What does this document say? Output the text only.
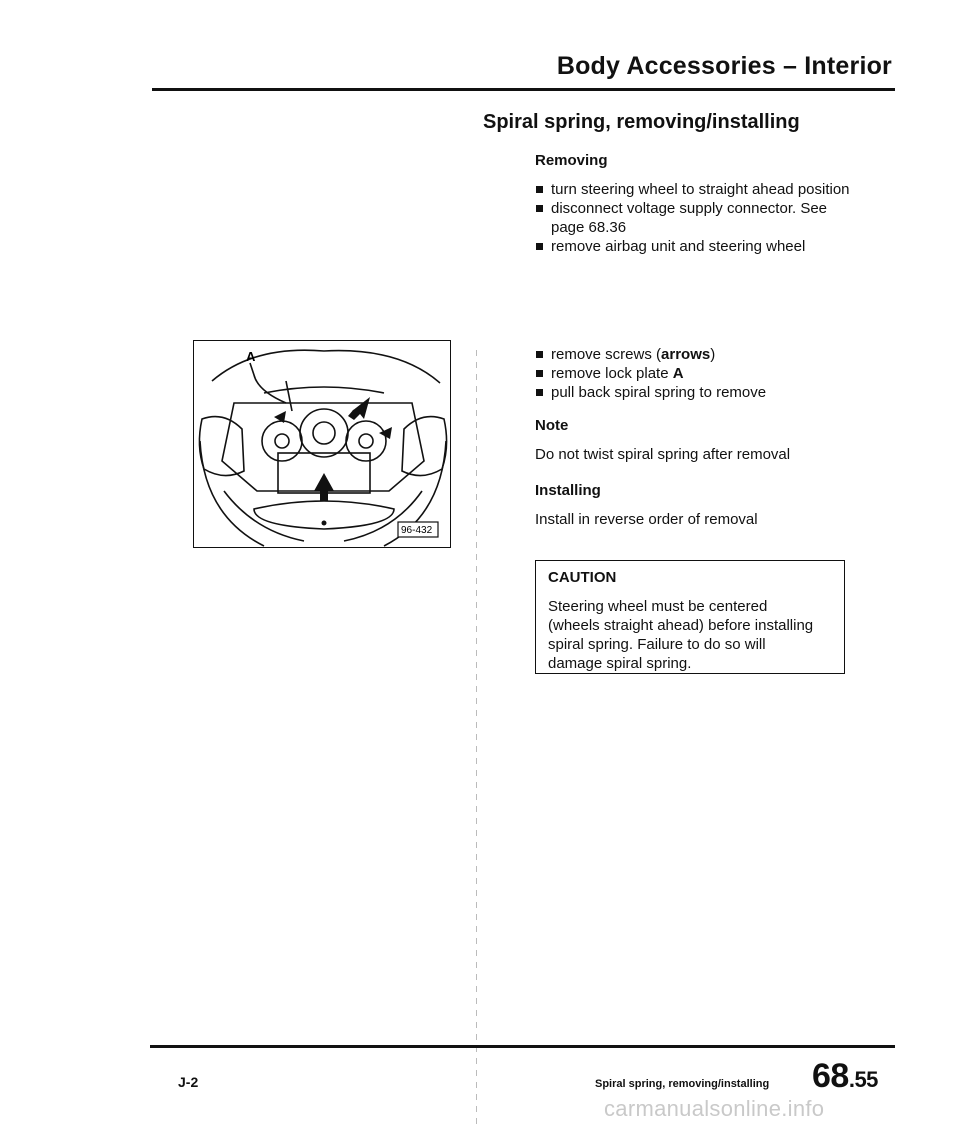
Body Accessories – Interior
Spiral spring, removing/installing
Removing
turn steering wheel to straight ahead position
disconnect voltage supply connector. See page 68.36
remove airbag unit and steering wheel
A
96-432
remove screws (arrows)
remove lock plate A
pull back spiral spring to remove
Note
Do not twist spiral spring after removal
Installing
Install in reverse order of removal
CAUTION
Steering wheel must be centered
(wheels straight ahead) before installing
spiral spring. Failure to do so will
damage spiral spring.
J-2	Spiral spring, removing/installing 68.55
carmanualsonline.info
